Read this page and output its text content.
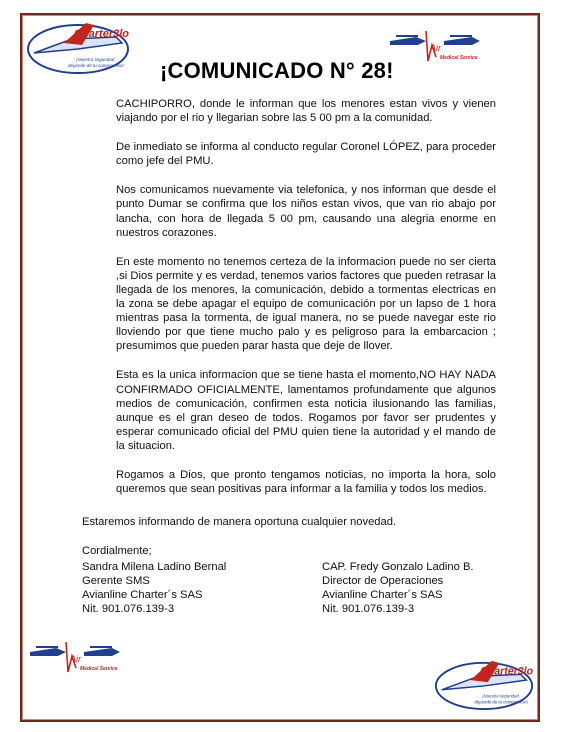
Charter3lo
¡Nuestra seguridad
depende de tu compromiso!
Air
Medical Service
¡COMUNICADO N° 28!

CACHIPORRO, donde le informan que los menores estan vivos y vienen viajando por el rio y llegarian sobre las 5 00 pm a la comunidad.

De inmediato se informa al conducto regular Coronel LÓPEZ, para proceder como jefe del PMU.

Nos comunicamos nuevamente via telefonica, y nos informan que desde el punto Dumar se confirma que los niños estan vivos, que van rio abajo por lancha, con hora de llegada 5 00 pm, causando una alegria enorme en nuestros corazones.

En este momento no tenemos certeza de la informacion puede no ser cierta ,si Dios permite y es verdad, tenemos varios factores que pueden retrasar la llegada de los menores, la comunicación, debido a tormentas electricas en la zona se debe apagar el equipo de comunicación por un lapso de 1 hora mientras pasa la tormenta, de igual manera, no se puede navegar este rio lloviendo por que tiene mucho palo y es peligroso para la embarcacion ; presumimos que pueden parar hasta que deje de llover.

Esta es la unica informacion que se tiene hasta el momento,NO HAY NADA CONFIRMADO OFICIALMENTE, lamentamos profundamente que algunos medios de comunicación, confirmen esta noticia ilusionando las familias, aunque es el gran deseo de todos. Rogamos por favor ser prudentes y esperar comunicado oficial del PMU quien tiene la autoridad y el mando de la situacion.

Rogamos a Dios, que pronto tengamos noticias, no importa la hora, solo queremos que sean positivas para informar a la familia y todos los medios.

Estaremos informando de manera oportuna cualquier novedad.

Cordialmente;

Sandra Milena Ladino Bernal
Gerente SMS
Avianline Charter´s SAS
Nit. 901.076.139-3
CAP. Fredy Gonzalo Ladino B.
Director de Operaciones
Avianline Charter´s SAS
Nit. 901.076.139-3
Air
Medical Service	Charter3lo
¡Nuestra seguridad
depende de tu compromiso!
